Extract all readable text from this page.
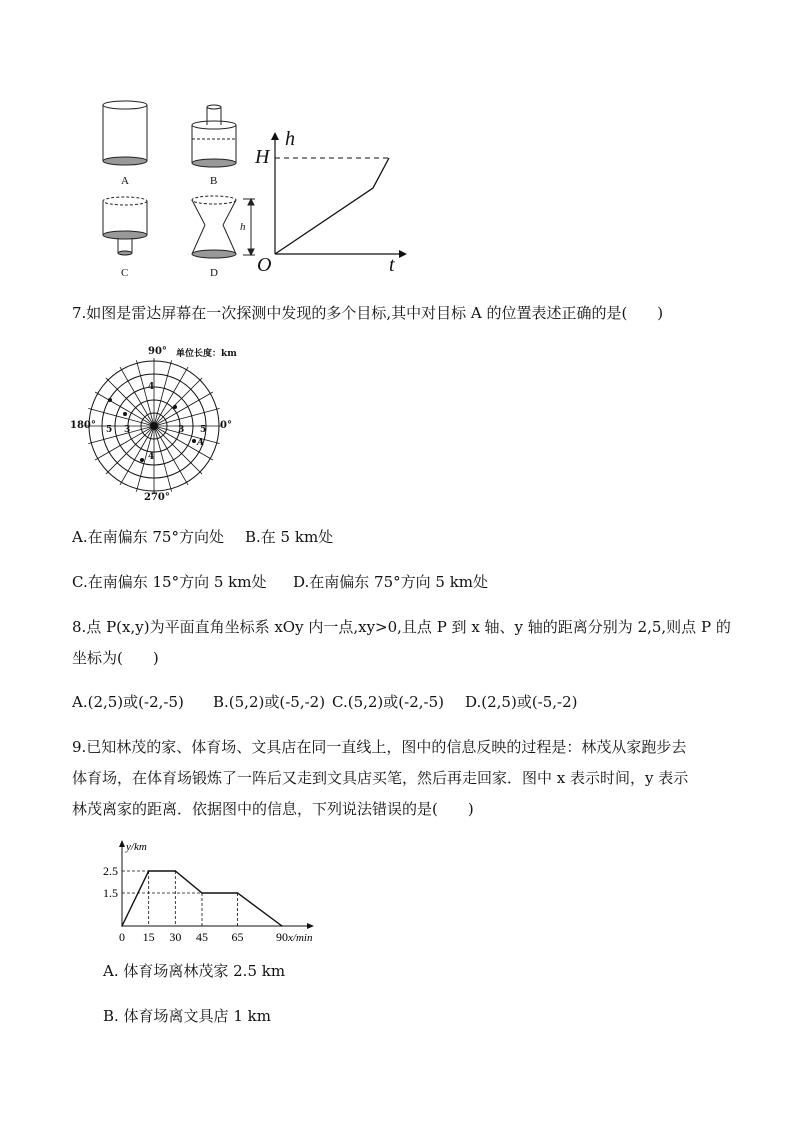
A	B
C	D
h
h
H
O	t
7.如图是雷达屏幕在一次探测中发现的多个目标,其中对目标 A 的位置表述正确的是(　　)
单位长度：km
90°
180°	0°
270°
3 5
4
5 3
4
A
A.在南偏东 75°方向处 B.在 5 km处
C.在南偏东 15°方向 5 km处 D.在南偏东 75°方向 5 km处
8.点 P(x,y)为平面直角坐标系 xOy 内一点,xy>0,且点 P 到 x 轴、y 轴的距离分别为 2,5,则点 P 的
坐标为(　　)
A.(2,5)或(-2,-5) B.(5,2)或(-5,-2) C.(5,2)或(-2,-5) D.(2,5)或(-5,-2)
9.已知林茂的家、体育场、文具店在同一直线上，图中的信息反映的过程是：林茂从家跑步去
体育场，在体育场锻炼了一阵后又走到文具店买笔，然后再走回家．图中 x 表示时间，y 表示
林茂离家的距离．依据图中的信息，下列说法错误的是(　　)
1.5
2.5
0 15 30 45 65	90 x/min
y/km
A. 体育场离林茂家 2.5 km
B. 体育场离文具店 1 km
